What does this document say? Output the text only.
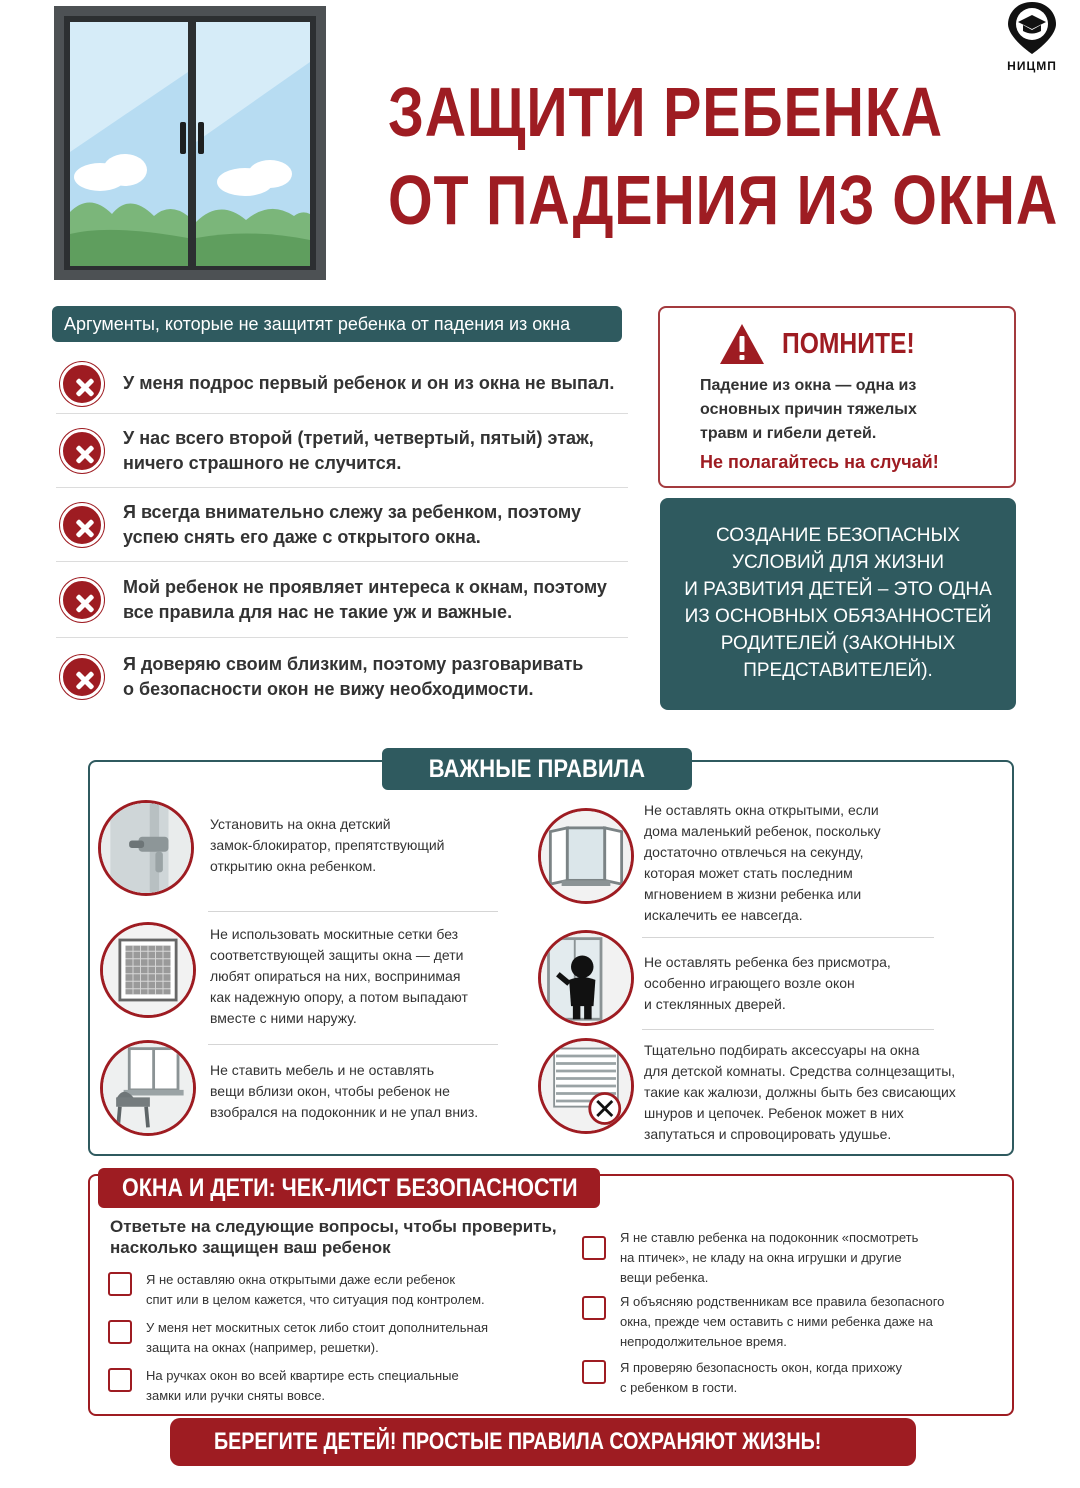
НИЦМП
ЗАЩИТИ РЕБЕНКА
ОТ ПАДЕНИЯ ИЗ ОКНА
Аргументы, которые не защитят ребенка от падения из окна
У меня подрос первый ребенок и он из окна не выпал.
У нас всего второй (третий, четвертый, пятый) этаж,
ничего страшного не случится.
Я всегда внимательно слежу за ребенком, поэтому
успею снять его даже с открытого окна.
Мой ребенок не проявляет интереса к окнам, поэтому
все правила для нас не такие уж и важные.
Я доверяю своим близким, поэтому разговаривать
о безопасности окон не вижу необходимости.
ПОМНИТЕ!
Падение из окна — одна из
основных причин тяжелых
травм и гибели детей.
Не полагайтесь на случай!
СОЗДАНИЕ БЕЗОПАСНЫХ
УСЛОВИЙ ДЛЯ ЖИЗНИ
И РАЗВИТИЯ ДЕТЕЙ – ЭТО ОДНА
ИЗ ОСНОВНЫХ ОБЯЗАННОСТЕЙ
РОДИТЕЛЕЙ (ЗАКОННЫХ
ПРЕДСТАВИТЕЛЕЙ).
ВАЖНЫЕ ПРАВИЛА
Установить на окна детский
замок-блокиратор, препятствующий
открытию окна ребенком.
Не использовать москитные сетки без
соответствующей защиты окна — дети
любят опираться на них, воспринимая
как надежную опору, а потом выпадают
вместе с ними наружу.
Не ставить мебель и не оставлять
вещи вблизи окон, чтобы ребенок не
взобрался на подоконник и не упал вниз.
Не оставлять окна открытыми, если
дома маленький ребенок, поскольку
достаточно отвлечься на секунду,
которая может стать последним
мгновением в жизни ребенка или
искалечить ее навсегда.
Не оставлять ребенка без присмотра,
особенно играющего возле окон
и стеклянных дверей.
Тщательно подбирать аксессуары на окна
для детской комнаты. Средства солнцезащиты,
такие как жалюзи, должны быть без свисающих
шнуров и цепочек. Ребенок может в них
запутаться и спровоцировать удушье.
ОКНА И ДЕТИ: ЧЕК-ЛИСТ БЕЗОПАСНОСТИ
Ответьте на следующие вопросы, чтобы проверить,
насколько защищен ваш ребенок
Я не оставляю окна открытыми даже если ребенок
спит или в целом кажется, что ситуация под контролем.
У меня нет москитных сеток либо стоит дополнительная
защита на окнах (например, решетки).
На ручках окон во всей квартире есть специальные
замки или ручки сняты вовсе.
Я не ставлю ребенка на подоконник «посмотреть
на птичек», не кладу на окна игрушки и другие
вещи ребенка.
Я объясняю родственникам все правила безопасного
окна, прежде чем оставить с ними ребенка даже на
непродолжительное время.
Я проверяю безопасность окон, когда прихожу
с ребенком в гости.
БЕРЕГИТЕ ДЕТЕЙ! ПРОСТЫЕ ПРАВИЛА СОХРАНЯЮТ ЖИЗНЬ!
